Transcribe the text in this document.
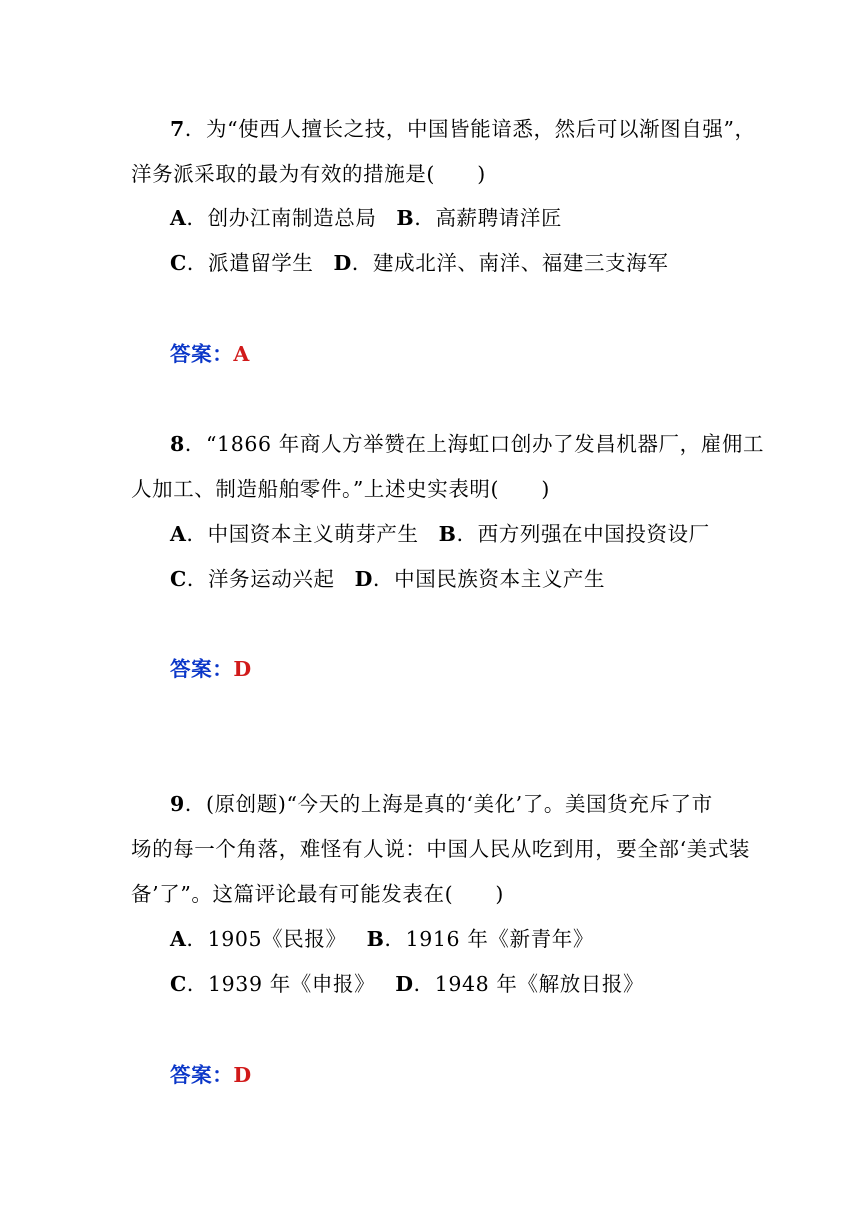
7．为“使西人擅长之技，中国皆能谙悉，然后可以渐图自强”，
洋务派采取的最为有效的措施是(　　)
A．创办江南制造总局 B．高薪聘请洋匠
C．派遣留学生 D．建成北洋、南洋、福建三支海军
答案：A
8．“1866 年商人方举赞在上海虹口创办了发昌机器厂，雇佣工
人加工、制造船舶零件。”上述史实表明(　　)
A．中国资本主义萌芽产生 B．西方列强在中国投资设厂
C．洋务运动兴起 D．中国民族资本主义产生
答案：D
9．(原创题)“今天的上海是真的‘美化’了。美国货充斥了市
场的每一个角落，难怪有人说：中国人民从吃到用，要全部‘美式装
备’了”。这篇评论最有可能发表在(　　)
A．1905《民报》 B．1916 年《新青年》
C．1939 年《申报》 D．1948 年《解放日报》
答案：D
